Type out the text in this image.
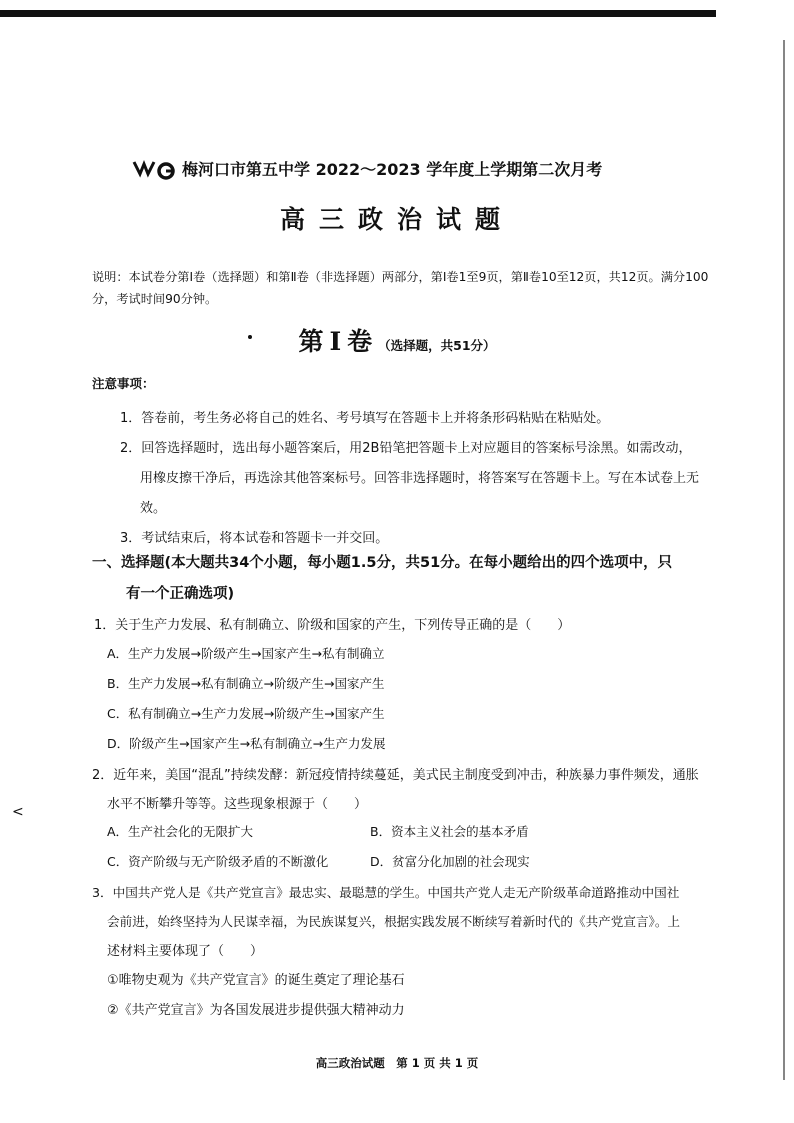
<
梅河口市第五中学 2022～2023 学年度上学期第二次月考
高三政治试题
说明：本试卷分第Ⅰ卷（选择题）和第Ⅱ卷（非选择题）两部分，第Ⅰ卷1至9页，第Ⅱ卷10至12页，共12页。满分100分，考试时间90分钟。
第Ⅰ卷（选择题，共51分）
注意事项：
1．答卷前，考生务必将自己的姓名、考号填写在答题卡上并将条形码粘贴在粘贴处。
2．回答选择题时，选出每小题答案后，用2B铅笔把答题卡上对应题目的答案标号涂黑。如需改动，
用橡皮擦干净后，再选涂其他答案标号。回答非选择题时，将答案写在答题卡上。写在本试卷上无
效。
3．考试结束后，将本试卷和答题卡一并交回。
一、选择题(本大题共34个小题，每小题1.5分，共51分。在每小题给出的四个选项中，只
有一个正确选项)
1．关于生产力发展、私有制确立、阶级和国家的产生，下列传导正确的是（　　）
A．生产力发展→阶级产生→国家产生→私有制确立
B．生产力发展→私有制确立→阶级产生→国家产生
C．私有制确立→生产力发展→阶级产生→国家产生
D．阶级产生→国家产生→私有制确立→生产力发展
2．近年来，美国“混乱”持续发酵：新冠疫情持续蔓延，美式民主制度受到冲击，种族暴力事件频发，通胀
水平不断攀升等等。这些现象根源于（　　）
A．生产社会化的无限扩大	B．资本主义社会的基本矛盾
C．资产阶级与无产阶级矛盾的不断激化	D．贫富分化加剧的社会现实
3．中国共产党人是《共产党宣言》最忠实、最聪慧的学生。中国共产党人走无产阶级革命道路推动中国社
会前进，始终坚持为人民谋幸福，为民族谋复兴，根据实践发展不断续写着新时代的《共产党宣言》。上
述材料主要体现了（　　）
①唯物史观为《共产党宣言》的诞生奠定了理论基石
②《共产党宣言》为各国发展进步提供强大精神动力
高三政治试题　第 1 页 共 1 页
